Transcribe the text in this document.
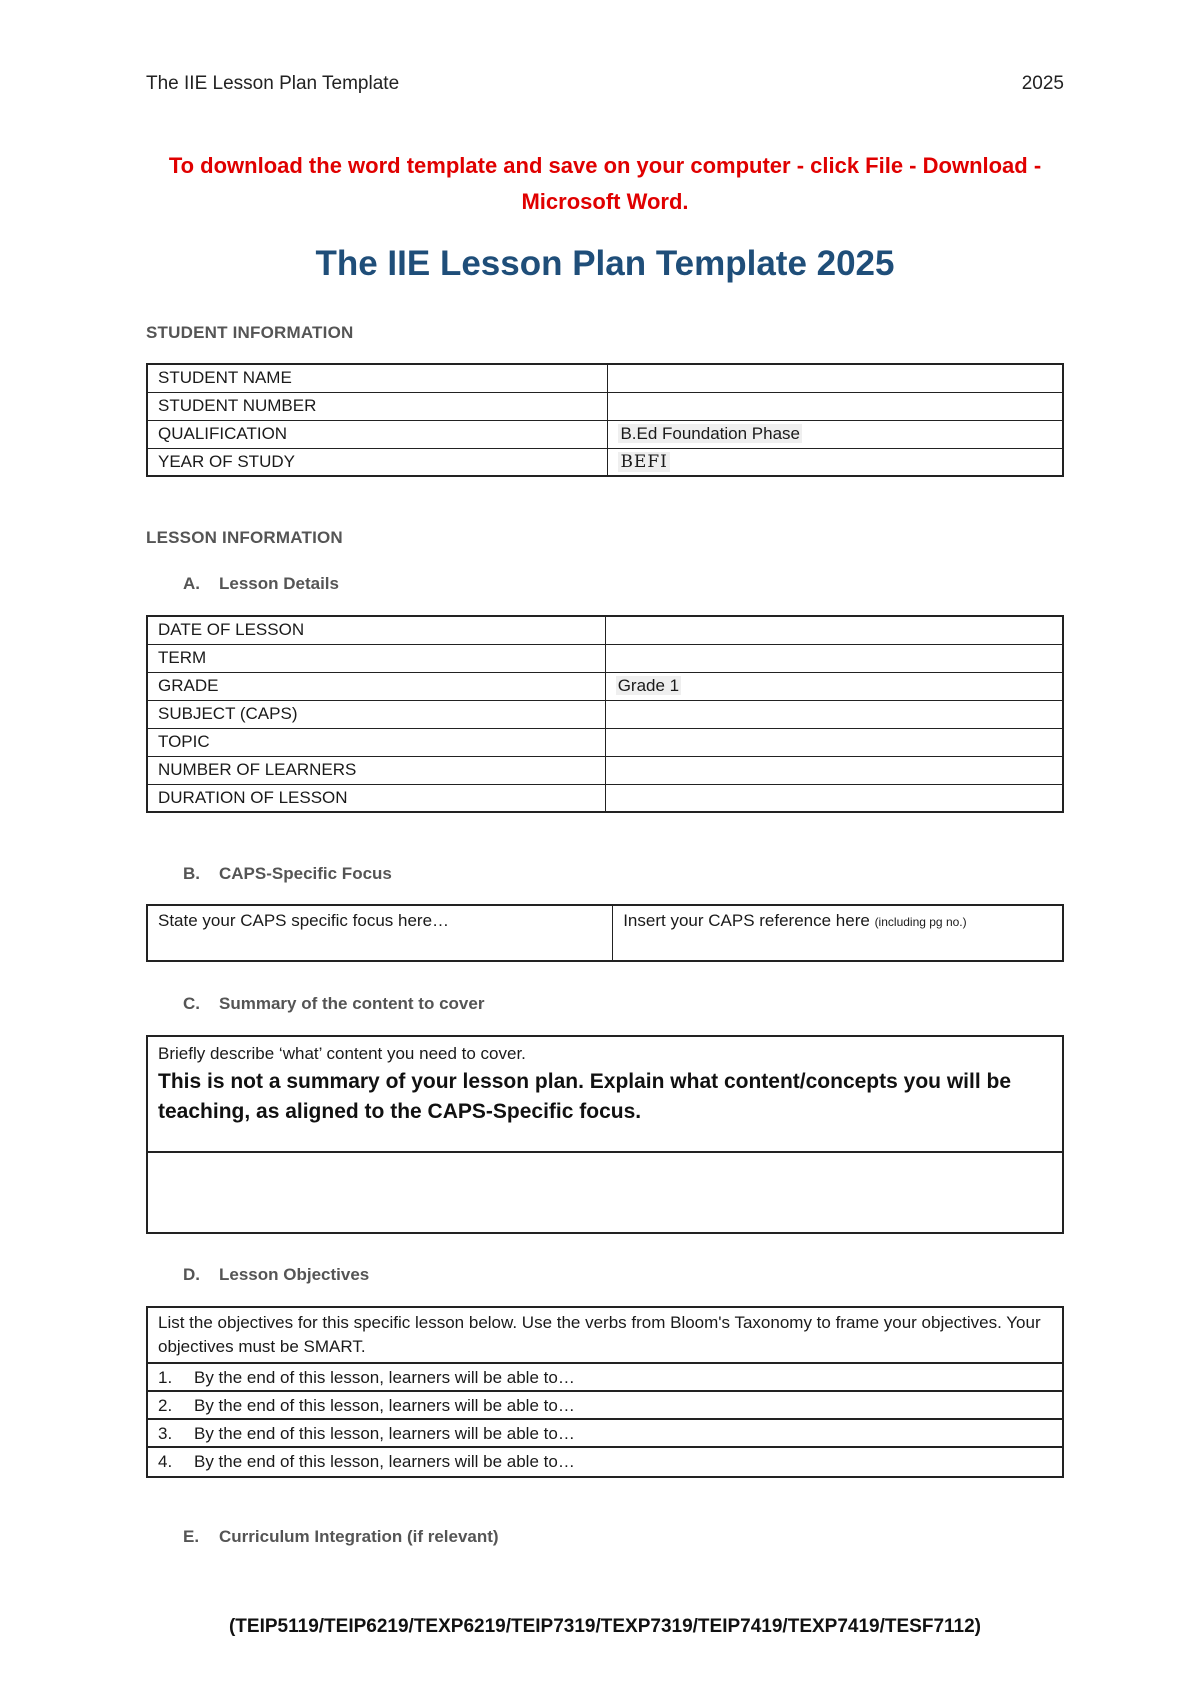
The IIE Lesson Plan Template	2025
To download the word template and save on your computer - click File - Download - Microsoft Word.
The IIE Lesson Plan Template 2025
STUDENT INFORMATION
STUDENT NAME	
STUDENT NUMBER	
QUALIFICATION	B.Ed Foundation Phase
YEAR OF STUDY	BEFI
LESSON INFORMATION
A. Lesson Details
DATE OF LESSON	
TERM	
GRADE	Grade 1
SUBJECT (CAPS)	
TOPIC	
NUMBER OF LEARNERS	
DURATION OF LESSON	
B. CAPS-Specific Focus
State your CAPS specific focus here…	Insert your CAPS reference here (including pg no.)
C. Summary of the content to cover
Briefly describe ‘what’ content you need to cover.
This is not a summary of your lesson plan. Explain what content/concepts you will be teaching, as aligned to the CAPS-Specific focus.
D. Lesson Objectives
List the objectives for this specific lesson below. Use the verbs from Bloom's Taxonomy to frame your objectives. Your objectives must be SMART.
1. By the end of this lesson, learners will be able to…
2. By the end of this lesson, learners will be able to…
3. By the end of this lesson, learners will be able to…
4. By the end of this lesson, learners will be able to…
E. Curriculum Integration (if relevant)
(TEIP5119/TEIP6219/TEXP6219/TEIP7319/TEXP7319/TEIP7419/TEXP7419/TESF7112)
